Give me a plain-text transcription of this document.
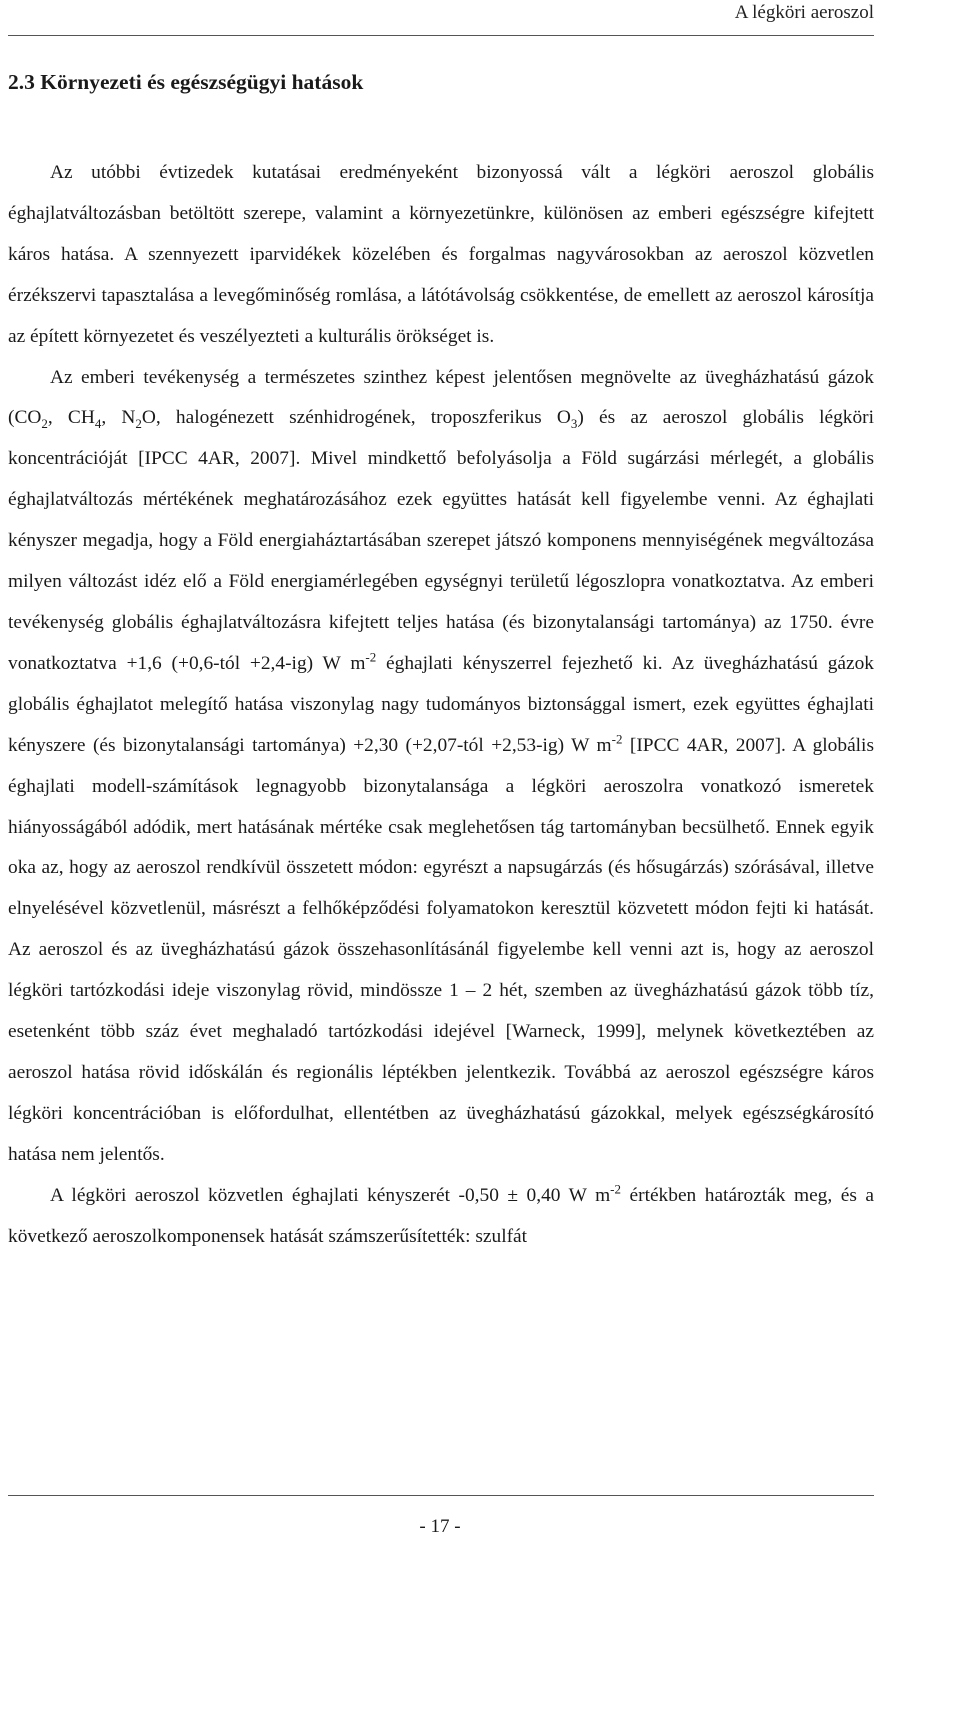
A légköri aeroszol
2.3 Környezeti és egészségügyi hatások

Az utóbbi évtizedek kutatásai eredményeként bizonyossá vált a légköri aeroszol globális éghajlatváltozásban betöltött szerepe, valamint a környezetünkre, különösen az emberi egészségre kifejtett káros hatása. A szennyezett iparvidékek közelében és forgalmas nagyvárosokban az aeroszol közvetlen érzékszervi tapasztalása a levegőminőség romlása, a látótávolság csökkentése, de emellett az aeroszol károsítja az épített környezetet és veszélyezteti a kulturális örökséget is.

Az emberi tevékenység a természetes szinthez képest jelentősen megnövelte az üvegházhatású gázok ($CO_2$, $CH_4$, $N_2O$, halogénezett szénhidrogének, troposzferikus $O_3$) és az aeroszol globális légköri koncentrációját [IPCC 4AR, 2007]. Mivel mindkettő befolyásolja a Föld sugárzási mérlegét, a globális éghajlatváltozás mértékének meghatározásához ezek együttes hatását kell figyelembe venni. Az éghajlati kényszer megadja, hogy a Föld energiaháztartásában szerepet játszó komponens mennyiségének megváltozása milyen változást idéz elő a Föld energiamérlegében egységnyi területű légoszlopra vonatkoztatva. Az emberi tevékenység globális éghajlatváltozásra kifejtett teljes hatása (és bizonytalansági tartománya) az 1750. évre vonatkoztatva +1,6 (+0,6-tól +2,4-ig) W $m^{-2}$ éghajlati kényszerrel fejezhető ki. Az üvegházhatású gázok globális éghajlatot melegítő hatása viszonylag nagy tudományos biztonsággal ismert, ezek együttes éghajlati kényszere (és bizonytalansági tartománya) +2,30 (+2,07-tól +2,53-ig) W $m^{-2}$ [IPCC 4AR, 2007]. A globális éghajlati modell-számítások legnagyobb bizonytalansága a légköri aeroszolra vonatkozó ismeretek hiányosságából adódik, mert hatásának mértéke csak meglehetősen tág tartományban becsülhető. Ennek egyik oka az, hogy az aeroszol rendkívül összetett módon: egyrészt a napsugárzás (és hősugárzás) szórásával, illetve elnyelésével közvetlenül, másrészt a felhőképződési folyamatokon keresztül közvetett módon fejti ki hatását. Az aeroszol és az üvegházhatású gázok összehasonlításánál figyelembe kell venni azt is, hogy az aeroszol légköri tartózkodási ideje viszonylag rövid, mindössze 1 – 2 hét, szemben az üvegházhatású gázok több tíz, esetenként több száz évet meghaladó tartózkodási idejével [Warneck, 1999], melynek következtében az aeroszol hatása rövid időskálán és regionális léptékben jelentkezik. Továbbá az aeroszol egészségre káros légköri koncentrációban is előfordulhat, ellentétben az üvegházhatású gázokkal, melyek egészségkárosító hatása nem jelentős.

A légköri aeroszol közvetlen éghajlati kényszerét -0,50 ± 0,40 W $m^{-2}$ értékben határozták meg, és a következő aeroszolkomponensek hatását számszerűsítették: szulfát

- 17 -
